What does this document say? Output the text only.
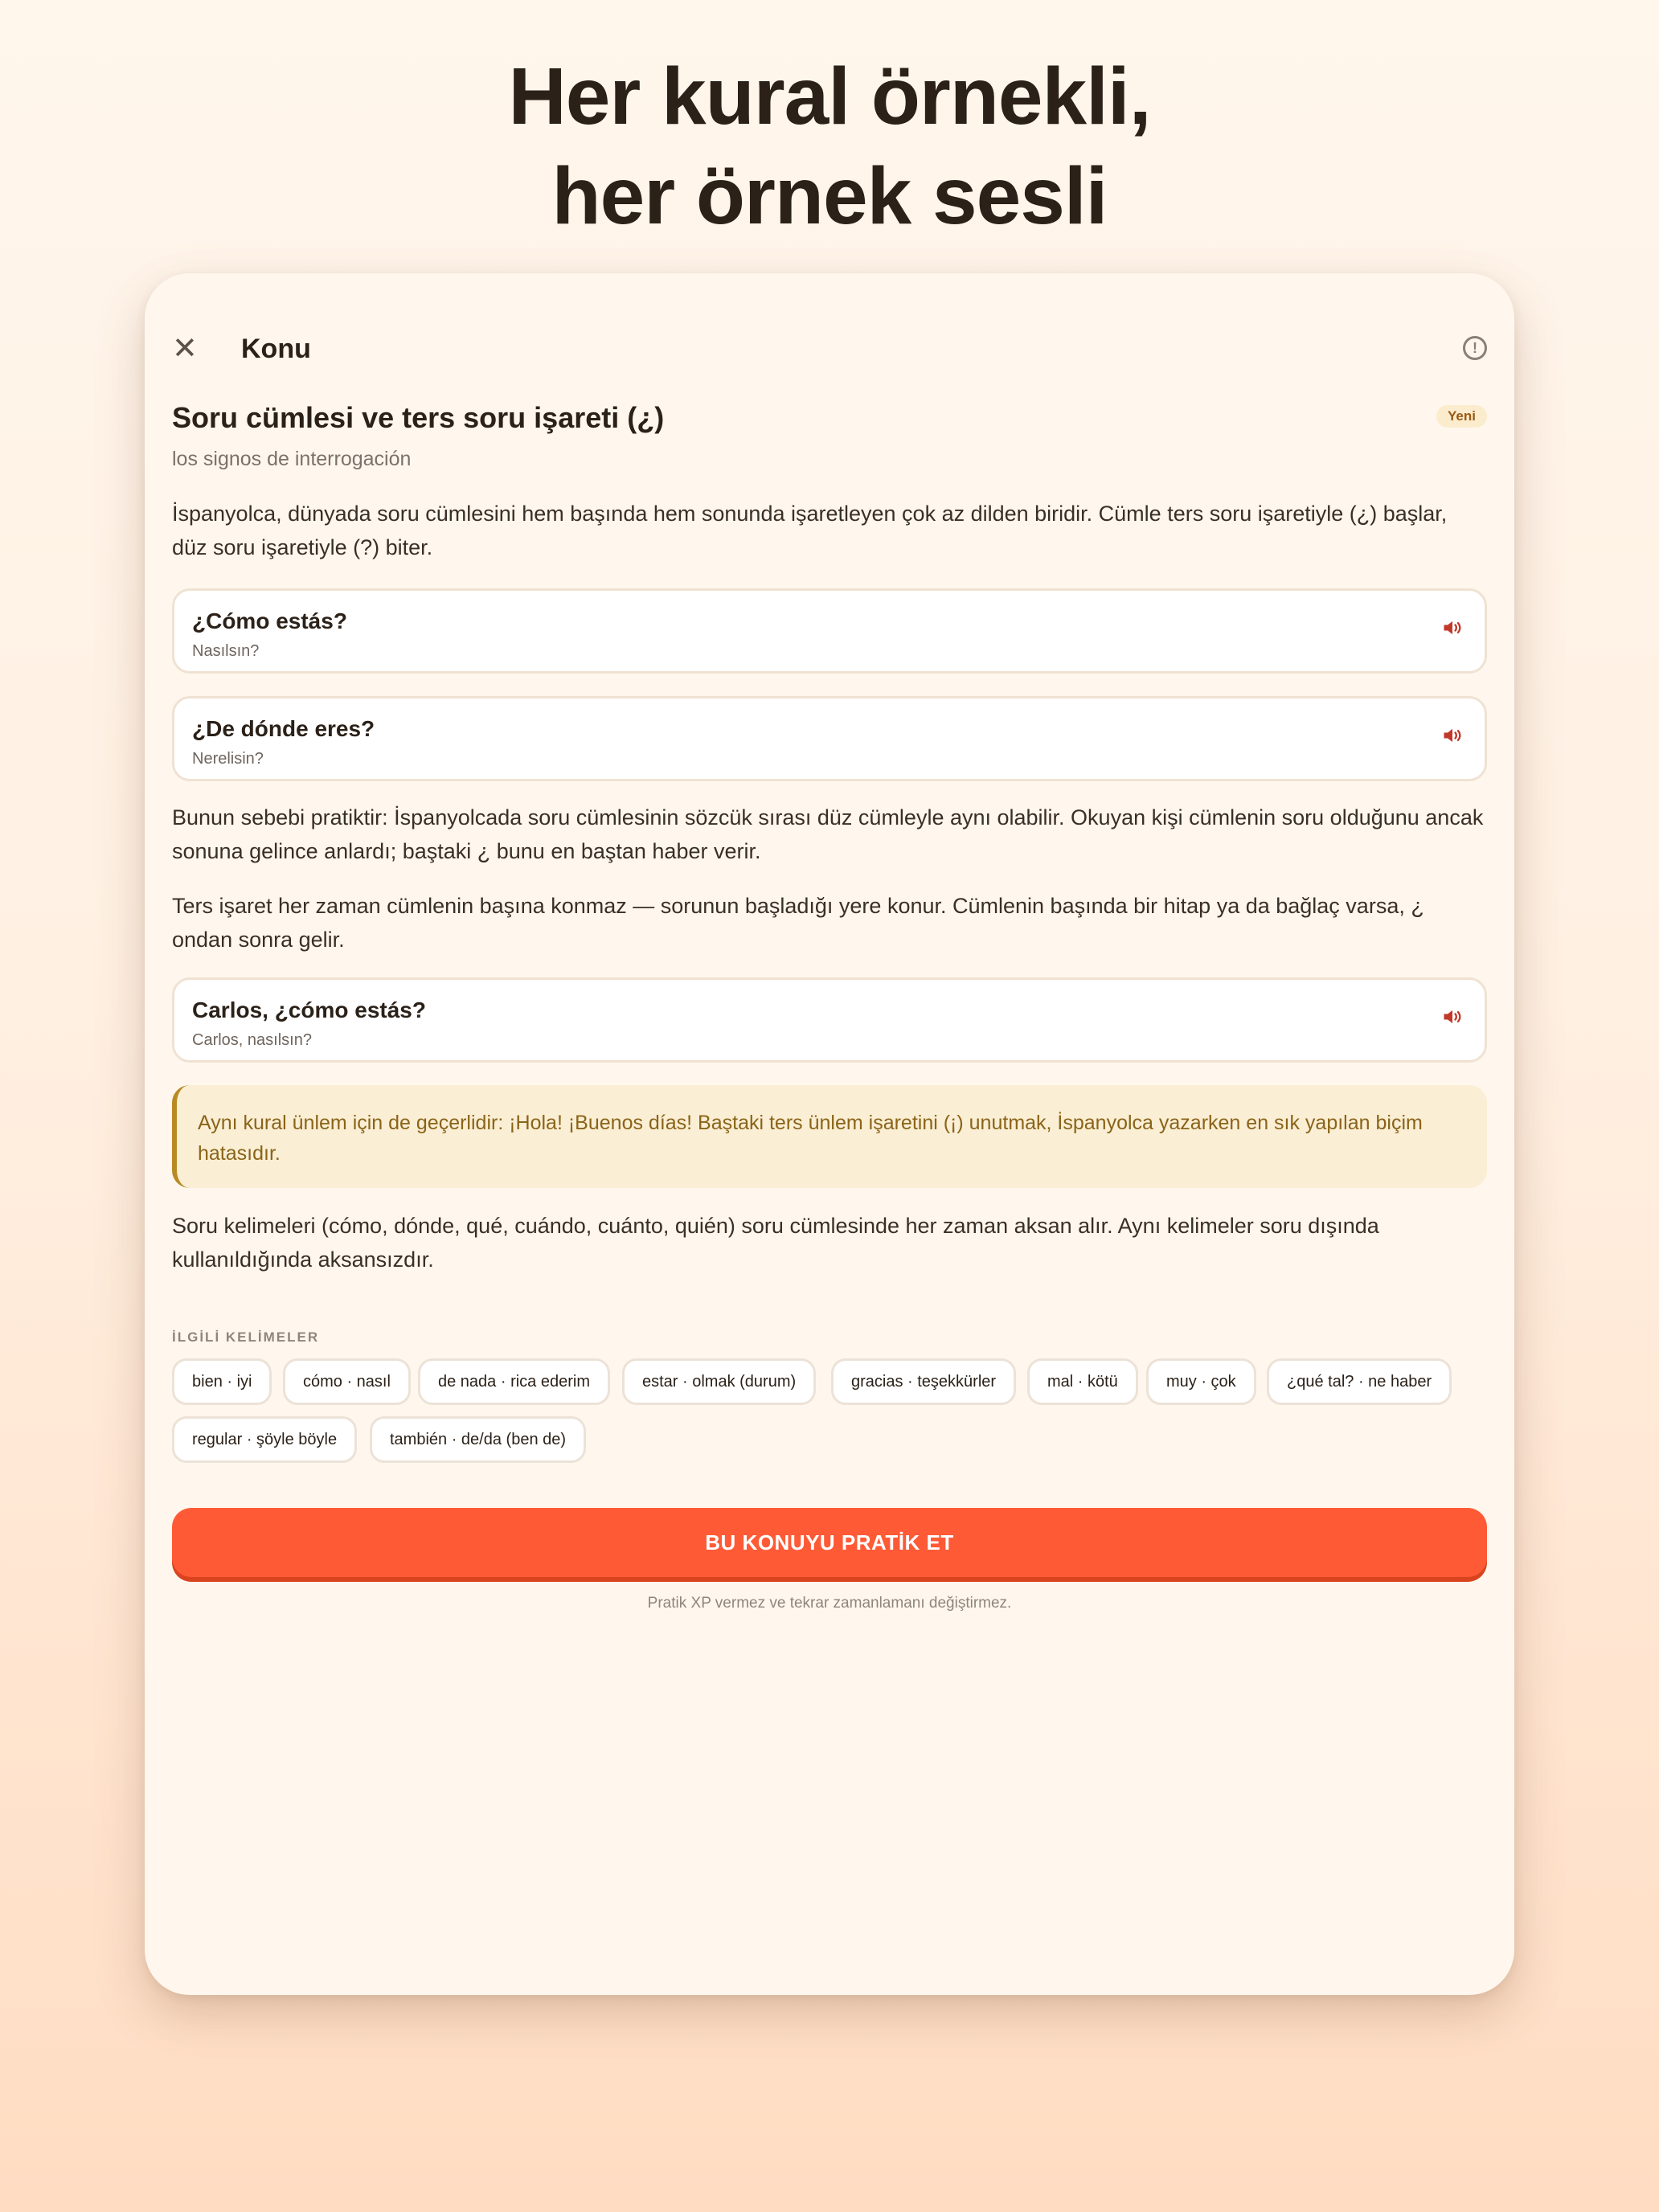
Her kural örnekli,
her örnek sesli
✕	Konu	!
Soru cümlesi ve ters soru işareti (¿)	Yeni
los signos de interrogación
İspanyolca, dünyada soru cümlesini hem başında hem sonunda işaretleyen çok az dilden biridir. Cümle ters soru işaretiyle (¿) başlar, düz soru işaretiyle (?) biter.
¿Cómo estás?
Nasılsın?
¿De dónde eres?
Nerelisin?
Bunun sebebi pratiktir: İspanyolcada soru cümlesinin sözcük sırası düz cümleyle aynı olabilir. Okuyan kişi cümlenin soru olduğunu ancak sonuna gelince anlardı; baştaki ¿ bunu en baştan haber verir.
Ters işaret her zaman cümlenin başına konmaz — sorunun başladığı yere konur. Cümlenin başında bir hitap ya da bağlaç varsa, ¿ ondan sonra gelir.
Carlos, ¿cómo estás?
Carlos, nasılsın?
Aynı kural ünlem için de geçerlidir: ¡Hola! ¡Buenos días! Baştaki ters ünlem işaretini (¡) unutmak, İspanyolca yazarken en sık yapılan biçim hatasıdır.
Soru kelimeleri (cómo, dónde, qué, cuándo, cuánto, quién) soru cümlesinde her zaman aksan alır. Aynı kelimeler soru dışında kullanıldığında aksansızdır.
İLGİLİ KELİMELER
bien · iyi	cómo · nasıl	de nada · rica ederim	estar · olmak (durum)	gracias · teşekkürler	mal · kötü	muy · çok	¿qué tal? · ne haber
regular · şöyle böyle	también · de/da (ben de)
BU KONUYU PRATİK ET
Pratik XP vermez ve tekrar zamanlamanı değiştirmez.
